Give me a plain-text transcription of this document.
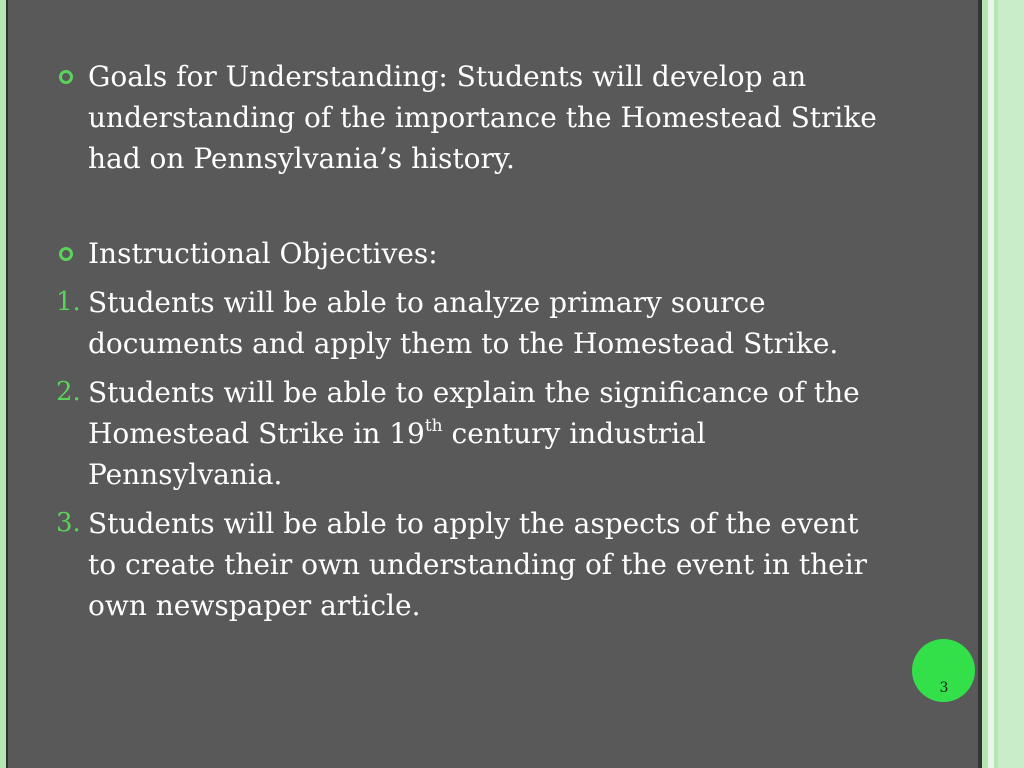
Goals for Understanding: Students will develop an understanding of the importance the Homestead Strike had on Pennsylvania’s history.
Instructional Objectives:
1. Students will be able to analyze primary source documents and apply them to the Homestead Strike.
2. Students will be able to explain the significance of the Homestead Strike in 19th century industrial Pennsylvania.
3. Students will be able to apply the aspects of the event to create their own understanding of the event in their own newspaper article.
3
